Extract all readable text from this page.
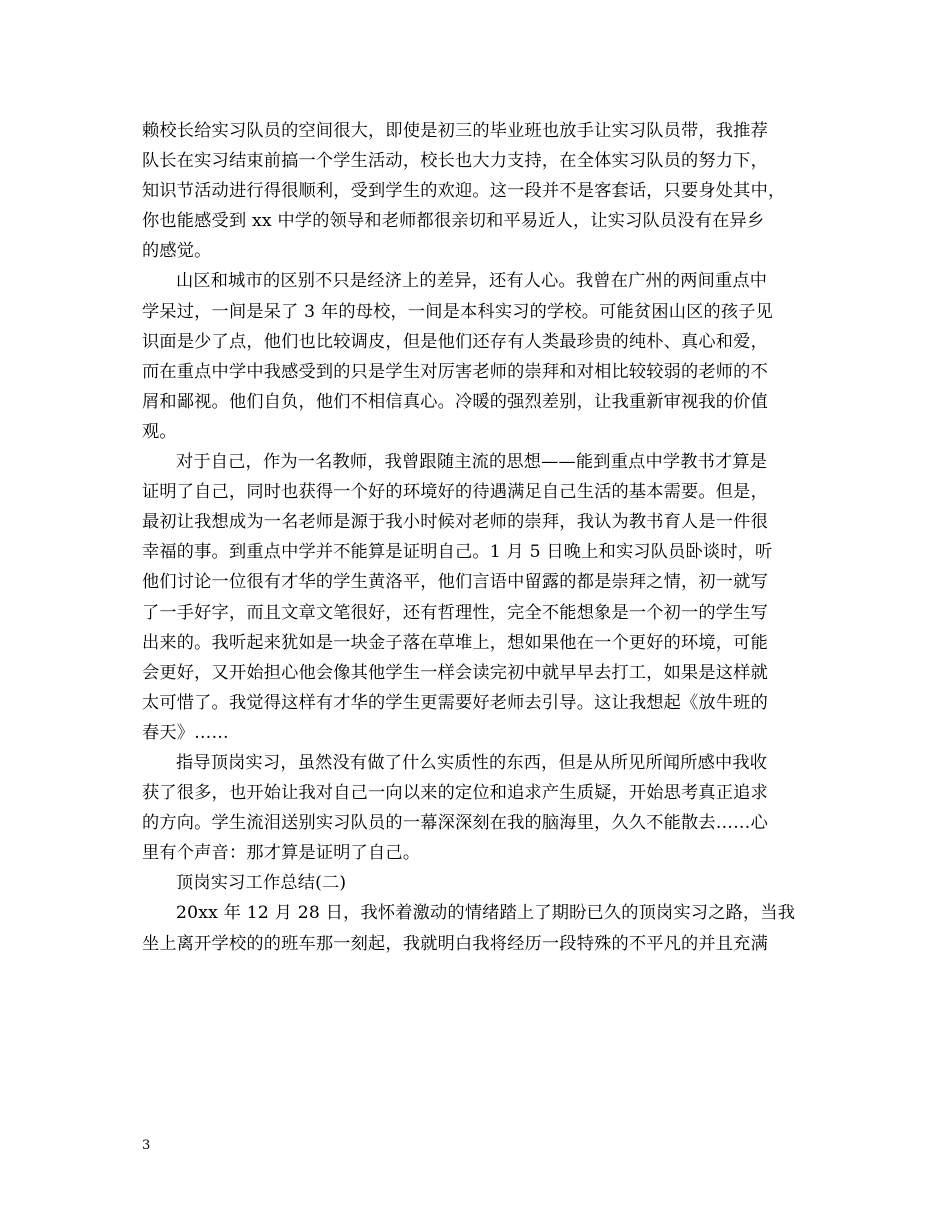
赖校长给实习队员的空间很大，即使是初三的毕业班也放手让实习队员带，我推荐
队长在实习结束前搞一个学生活动，校长也大力支持，在全体实习队员的努力下，
知识节活动进行得很顺利，受到学生的欢迎。这一段并不是客套话，只要身处其中，
你也能感受到 xx 中学的领导和老师都很亲切和平易近人，让实习队员没有在异乡
的感觉。
山区和城市的区别不只是经济上的差异，还有人心。我曾在广州的两间重点中
学呆过，一间是呆了 3 年的母校，一间是本科实习的学校。可能贫困山区的孩子见
识面是少了点，他们也比较调皮，但是他们还存有人类最珍贵的纯朴、真心和爱，
而在重点中学中我感受到的只是学生对厉害老师的崇拜和对相比较较弱的老师的不
屑和鄙视。他们自负，他们不相信真心。冷暖的强烈差别，让我重新审视我的价值
观。
对于自己，作为一名教师，我曾跟随主流的思想——能到重点中学教书才算是
证明了自己，同时也获得一个好的环境好的待遇满足自己生活的基本需要。但是，
最初让我想成为一名老师是源于我小时候对老师的崇拜，我认为教书育人是一件很
幸福的事。到重点中学并不能算是证明自己。1 月 5 日晚上和实习队员卧谈时，听
他们讨论一位很有才华的学生黄洛平，他们言语中留露的都是崇拜之情，初一就写
了一手好字，而且文章文笔很好，还有哲理性，完全不能想象是一个初一的学生写
出来的。我听起来犹如是一块金子落在草堆上，想如果他在一个更好的环境，可能
会更好，又开始担心他会像其他学生一样会读完初中就早早去打工，如果是这样就
太可惜了。我觉得这样有才华的学生更需要好老师去引导。这让我想起《放牛班的
春天》……
指导顶岗实习，虽然没有做了什么实质性的东西，但是从所见所闻所感中我收
获了很多，也开始让我对自己一向以来的定位和追求产生质疑，开始思考真正追求
的方向。学生流泪送别实习队员的一幕深深刻在我的脑海里，久久不能散去……心
里有个声音：那才算是证明了自己。
顶岗实习工作总结(二)
20xx 年 12 月 28 日，我怀着激动的情绪踏上了期盼已久的顶岗实习之路，当我
坐上离开学校的的班车那一刻起，我就明白我将经历一段特殊的不平凡的并且充满
3
